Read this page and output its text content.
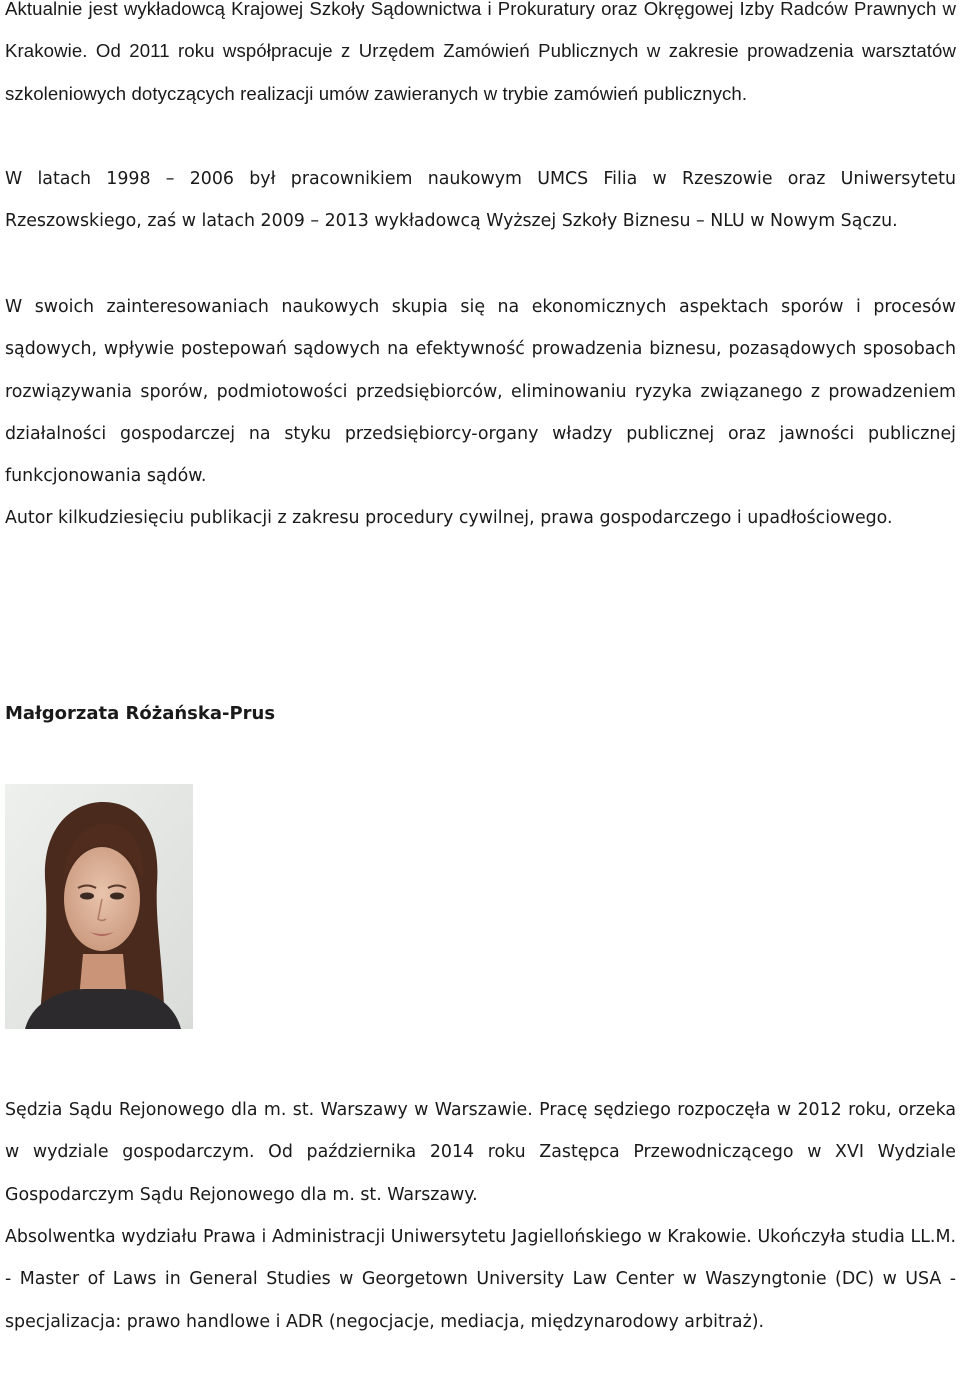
Aktualnie jest wykładowcą Krajowej Szkoły Sądownictwa i Prokuratury oraz Okręgowej Izby Radców Prawnych w Krakowie. Od 2011 roku współpracuje z Urzędem Zamówień Publicznych w zakresie prowadzenia warsztatów szkoleniowych dotyczących realizacji umów zawieranych w trybie zamówień publicznych.

W latach 1998 – 2006 był pracownikiem naukowym UMCS Filia w Rzeszowie oraz Uniwersytetu Rzeszowskiego, zaś w latach 2009 – 2013 wykładowcą Wyższej Szkoły Biznesu – NLU w Nowym Sączu.

W swoich zainteresowaniach naukowych skupia się na ekonomicznych aspektach sporów i procesów sądowych, wpływie postepowań sądowych na efektywność prowadzenia biznesu, pozasądowych sposobach rozwiązywania sporów, podmiotowości przedsiębiorców, eliminowaniu ryzyka związanego z prowadzeniem działalności gospodarczej na styku przedsiębiorcy-organy władzy publicznej oraz jawności publicznej funkcjonowania sądów.

Autor kilkudziesięciu publikacji z zakresu procedury cywilnej, prawa gospodarczego i upadłościowego.

Małgorzata Różańska-Prus

Sędzia Sądu Rejonowego dla m. st. Warszawy w Warszawie. Pracę sędziego rozpoczęła w 2012 roku, orzeka w wydziale gospodarczym. Od października 2014 roku Zastępca Przewodniczącego w XVI Wydziale Gospodarczym Sądu Rejonowego dla m. st. Warszawy.

Absolwentka wydziału Prawa i Administracji Uniwersytetu Jagiellońskiego w Krakowie. Ukończyła studia LL.M. - Master of Laws in General Studies w Georgetown University Law Center w Waszyngtonie (DC) w USA - specjalizacja: prawo handlowe i ADR (negocjacje, mediacja, międzynarodowy arbitraż).
